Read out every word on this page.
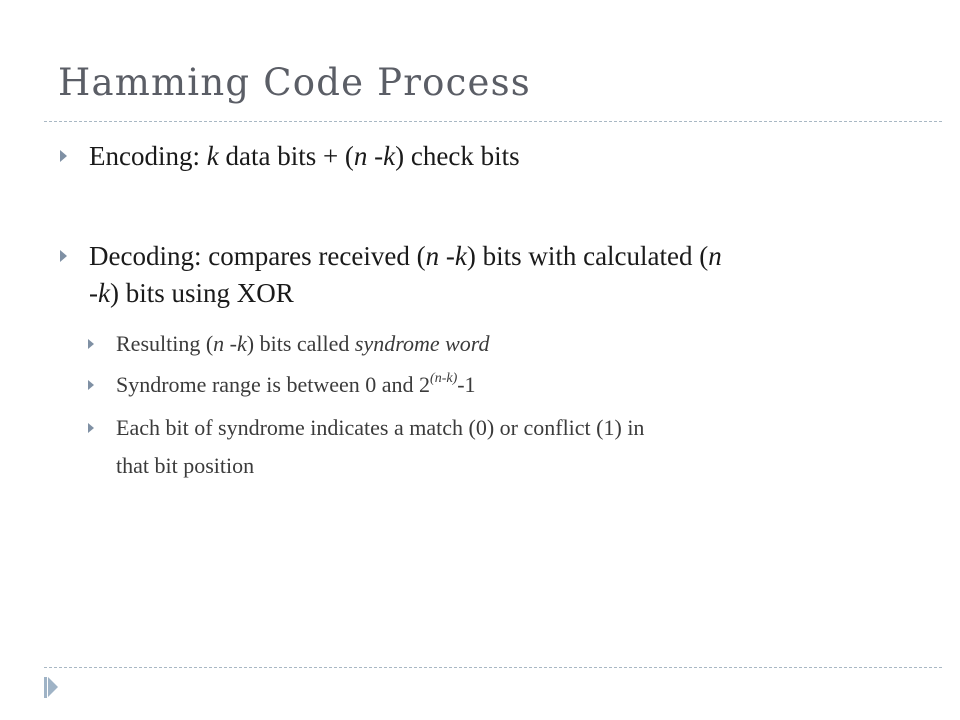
Hamming Code Process
Encoding: k data bits + (n -k) check bits
Decoding: compares received (n -k) bits with calculated (n
-k) bits using XOR
Resulting (n -k) bits called syndrome word
Syndrome range is between 0 and 2$^{(n-k)}$-1
Each bit of syndrome indicates a match (0) or conflict (1) in
that bit position
